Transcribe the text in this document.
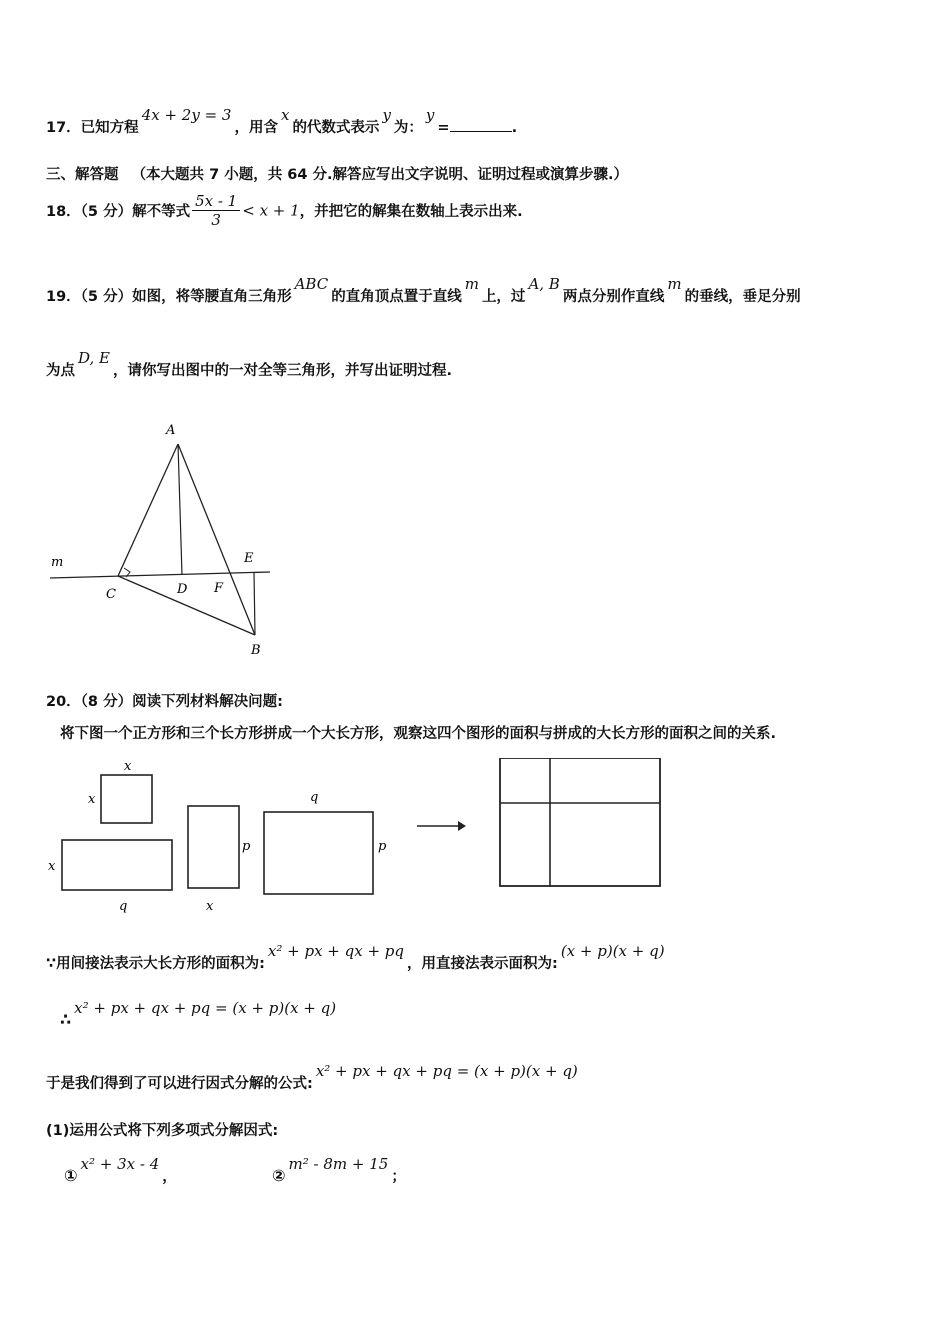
17．已知方程4x + 2y = 3，用含x的代数式表示y为：y=	.
三、解答题 （本大题共 7 小题，共 64 分.解答应写出文字说明、证明过程或演算步骤.）
18．（5 分）解不等式 $\frac{5x - 1}{3} < x + 1$，并把它的解集在数轴上表示出来.
19．（5 分）如图，将等腰直角三角形ABC的直角顶点置于直线m上，过A, B两点分别作直线m的垂线，垂足分别
为点D, E，请你写出图中的一对全等三角形，并写出证明过程.
A
m
C	D F
E
B
20．（8 分）阅读下列材料解决问题:
将下图一个正方形和三个长方形拼成一个大长方形，观察这四个图形的面积与拼成的大长方形的面积之间的关系.
x
x
x
q
p
x
q
p
∵用间接法表示大长方形的面积为:x² + px + qx + pq，用直接法表示面积为:(x + p)(x + q)
∴x² + px + qx + pq = (x + p)(x + q)
于是我们得到了可以进行因式分解的公式:x² + px + qx + pq = (x + p)(x + q)
(1)运用公式将下列多项式分解因式:
①x² + 3x - 4，	②m² - 8m + 15；
